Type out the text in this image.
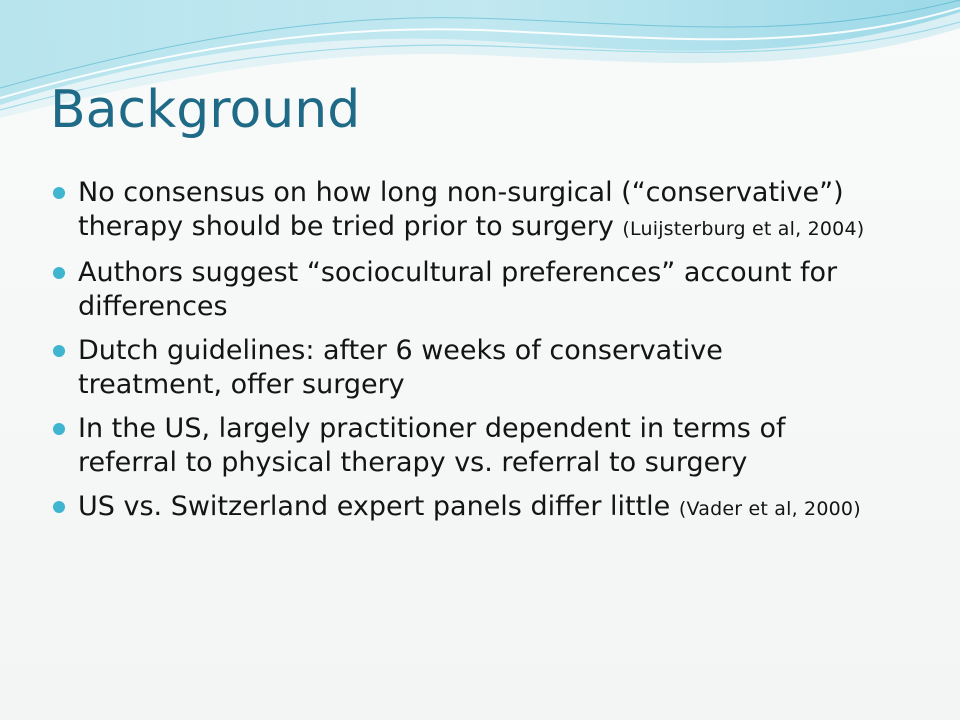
Background
No consensus on how long non-surgical (“conservative”) therapy should be tried prior to surgery (Luijsterburg et al, 2004)
Authors suggest “sociocultural preferences” account for differences
Dutch guidelines: after 6 weeks of conservative treatment, offer surgery
In the US, largely practitioner dependent in terms of referral to physical therapy vs. referral to surgery
US vs. Switzerland expert panels differ little (Vader et al, 2000)
